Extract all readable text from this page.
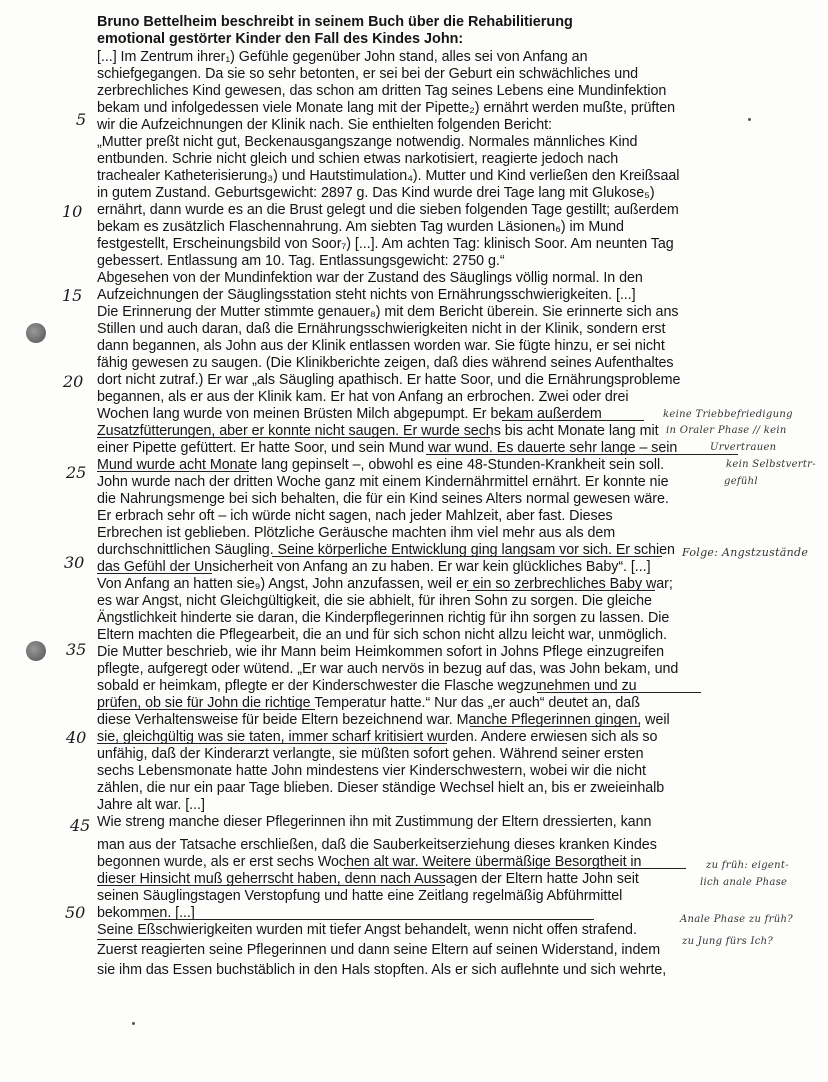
Bruno Bettelheim beschreibt in seinem Buch über die Rehabilitierung
emotional gestörter Kinder den Fall des Kindes John:
[...] Im Zentrum ihrer₁) Gefühle gegenüber John stand, alles sei von Anfang an
schiefgegangen. Da sie so sehr betonten, er sei bei der Geburt ein schwächliches und
zerbrechliches Kind gewesen, das schon am dritten Tag seines Lebens eine Mundinfektion
bekam und infolgedessen viele Monate lang mit der Pipette₂) ernährt werden mußte, prüften
wir die Aufzeichnungen der Klinik nach. Sie enthielten folgenden Bericht:
„Mutter preßt nicht gut, Beckenausgangszange notwendig. Normales männliches Kind
entbunden. Schrie nicht gleich und schien etwas narkotisiert, reagierte jedoch nach
trachealer Katheterisierung₃) und Hautstimulation₄). Mutter und Kind verließen den Kreißsaal
in gutem Zustand. Geburtsgewicht: 2897 g. Das Kind wurde drei Tage lang mit Glukose₅)
ernährt, dann wurde es an die Brust gelegt und die sieben folgenden Tage gestillt; außerdem
bekam es zusätzlich Flaschennahrung. Am siebten Tag wurden Läsionen₆) im Mund
festgestellt, Erscheinungsbild von Soor₇) [...]. Am achten Tag: klinisch Soor. Am neunten Tag
gebessert. Entlassung am 10. Tag. Entlassungsgewicht: 2750 g.“
Abgesehen von der Mundinfektion war der Zustand des Säuglings völlig normal. In den
Aufzeichnungen der Säuglingsstation steht nichts von Ernährungsschwierigkeiten. [...]
Die Erinnerung der Mutter stimmte genauer₈) mit dem Bericht überein. Sie erinnerte sich ans
Stillen und auch daran, daß die Ernährungsschwierigkeiten nicht in der Klinik, sondern erst
dann begannen, als John aus der Klinik entlassen worden war. Sie fügte hinzu, er sei nicht
fähig gewesen zu saugen. (Die Klinikberichte zeigen, daß dies während seines Aufenthaltes
dort nicht zutraf.) Er war „als Säugling apathisch. Er hatte Soor, und die Ernährungsprobleme
begannen, als er aus der Klinik kam. Er hat von Anfang an erbrochen. Zwei oder drei
Wochen lang wurde von meinen Brüsten Milch abgepumpt. Er bekam außerdem
Zusatzfütterungen, aber er konnte nicht saugen. Er wurde sechs bis acht Monate lang mit
einer Pipette gefüttert. Er hatte Soor, und sein Mund war wund. Es dauerte sehr lange – sein
Mund wurde acht Monate lang gepinselt –, obwohl es eine 48-Stunden-Krankheit sein soll.
John wurde nach der dritten Woche ganz mit einem Kindernährmittel ernährt. Er konnte nie
die Nahrungsmenge bei sich behalten, die für ein Kind seines Alters normal gewesen wäre.
Er erbrach sehr oft – ich würde nicht sagen, nach jeder Mahlzeit, aber fast. Dieses
Erbrechen ist geblieben. Plötzliche Geräusche machten ihm viel mehr aus als dem
durchschnittlichen Säugling. Seine körperliche Entwicklung ging langsam vor sich. Er schien
das Gefühl der Unsicherheit von Anfang an zu haben. Er war kein glückliches Baby“. [...]
Von Anfang an hatten sie₉) Angst, John anzufassen, weil er ein so zerbrechliches Baby war;
es war Angst, nicht Gleichgültigkeit, die sie abhielt, für ihren Sohn zu sorgen. Die gleiche
Ängstlichkeit hinderte sie daran, die Kinderpflegerinnen richtig für ihn sorgen zu lassen. Die
Eltern machten die Pflegearbeit, die an und für sich schon nicht allzu leicht war, unmöglich.
Die Mutter beschrieb, wie ihr Mann beim Heimkommen sofort in Johns Pflege einzugreifen
pflegte, aufgeregt oder wütend. „Er war auch nervös in bezug auf das, was John bekam, und
sobald er heimkam, pflegte er der Kinderschwester die Flasche wegzunehmen und zu
prüfen, ob sie für John die richtige Temperatur hatte.“ Nur das „er auch“ deutet an, daß
diese Verhaltensweise für beide Eltern bezeichnend war. Manche Pflegerinnen gingen, weil
sie, gleichgültig was sie taten, immer scharf kritisiert wurden. Andere erwiesen sich als so
unfähig, daß der Kinderarzt verlangte, sie müßten sofort gehen. Während seiner ersten
sechs Lebensmonate hatte John mindestens vier Kinderschwestern, wobei wir die nicht
zählen, die nur ein paar Tage blieben. Dieser ständige Wechsel hielt an, bis er zweieinhalb
Jahre alt war. [...]
Wie streng manche dieser Pflegerinnen ihn mit Zustimmung der Eltern dressierten, kann
man aus der Tatsache erschließen, daß die Sauberkeitserziehung dieses kranken Kindes
begonnen wurde, als er erst sechs Wochen alt war. Weitere übermäßige Besorgtheit in
dieser Hinsicht muß geherrscht haben, denn nach Aussagen der Eltern hatte John seit
seinen Säuglingstagen Verstopfung und hatte eine Zeitlang regelmäßig Abführmittel
bekommen. [...]
Seine Eßschwierigkeiten wurden mit tiefer Angst behandelt, wenn nicht offen strafend.
Zuerst reagierten seine Pflegerinnen und dann seine Eltern auf seinen Widerstand, indem
sie ihm das Essen buchstäblich in den Hals stopften. Als er sich auflehnte und sich wehrte,
5
10
15
20
25
30
35
40
45
50
keine Triebbefriedigung
in Oraler Phase // kein
Urvertrauen
kein Selbstvertr-
gefühl
Folge: Angstzustände
zu früh: eigent-
lich anale Phase
Anale Phase zu früh?
zu Jung fürs Ich?
